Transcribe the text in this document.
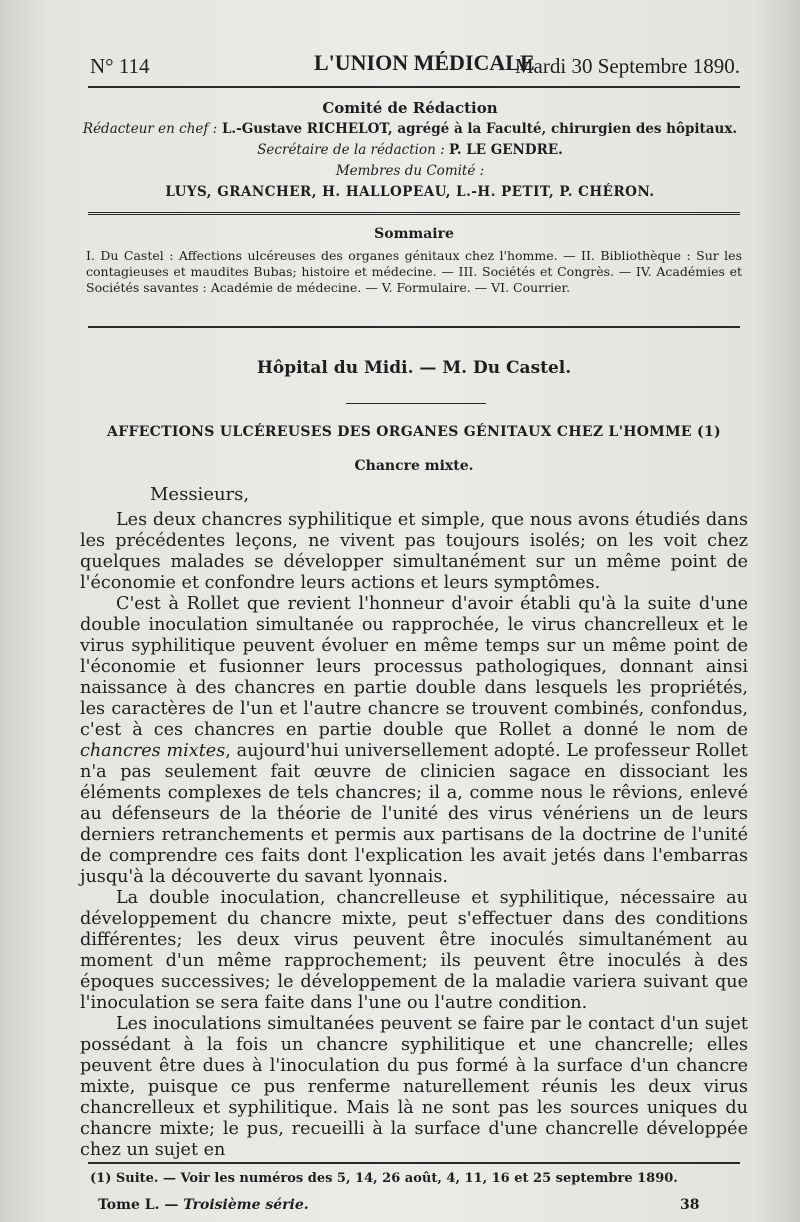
N° 114	L'UNION MÉDICALE
Mardi 30 Septembre 1890.
Comité de Rédaction
Rédacteur en chef : L.-Gustave RICHELOT, agrégé à la Faculté, chirurgien des hôpitaux.
Secrétaire de la rédaction : P. LE GENDRE.
Membres du Comité :
LUYS, GRANCHER, H. HALLOPEAU, L.-H. PETIT, P. CHÉRON.
Sommaire
I. Du Castel : Affections ulcéreuses des organes génitaux chez l'homme. — II. Bibliothèque : Sur les contagieuses et maudites Bubas; histoire et médecine. — III. Sociétés et Congrès. — IV. Académies et Sociétés savantes : Académie de médecine. — V. Formulaire. — VI. Courrier.
Hôpital du Midi. — M. Du Castel.
AFFECTIONS ULCÉREUSES DES ORGANES GÉNITAUX CHEZ L'HOMME (1)
Chancre mixte.
Messieurs,

Les deux chancres syphilitique et simple, que nous avons étudiés dans les précédentes leçons, ne vivent pas toujours isolés; on les voit chez quelques malades se développer simultanément sur un même point de l'économie et confondre leurs actions et leurs symptômes.

C'est à Rollet que revient l'honneur d'avoir établi qu'à la suite d'une double inoculation simultanée ou rapprochée, le virus chancrelleux et le virus syphilitique peuvent évoluer en même temps sur un même point de l'économie et fusionner leurs processus pathologiques, donnant ainsi naissance à des chancres en partie double dans lesquels les propriétés, les caractères de l'un et l'autre chancre se trouvent combinés, confondus, c'est à ces chancres en partie double que Rollet a donné le nom de chancres mixtes, aujourd'hui universellement adopté. Le professeur Rollet n'a pas seulement fait œuvre de clinicien sagace en dissociant les éléments complexes de tels chancres; il a, comme nous le rêvions, enlevé au défenseurs de la théorie de l'unité des virus vénériens un de leurs derniers retranchements et permis aux partisans de la doctrine de l'unité de comprendre ces faits dont l'explication les avait jetés dans l'embarras jusqu'à la découverte du savant lyonnais.

La double inoculation, chancrelleuse et syphilitique, nécessaire au développement du chancre mixte, peut s'effectuer dans des conditions différentes; les deux virus peuvent être inoculés simultanément au moment d'un même rapprochement; ils peuvent être inoculés à des époques successives; le développement de la maladie variera suivant que l'inoculation se sera faite dans l'une ou l'autre condition.

Les inoculations simultanées peuvent se faire par le contact d'un sujet possédant à la fois un chancre syphilitique et une chancrelle; elles peuvent être dues à l'inoculation du pus formé à la surface d'un chancre mixte, puisque ce pus renferme naturellement réunis les deux virus chancrelleux et syphilitique. Mais là ne sont pas les sources uniques du chancre mixte; le pus, recueilli à la surface d'une chancrelle développée chez un sujet en

(1) Suite. — Voir les numéros des 5, 14, 26 août, 4, 11, 16 et 25 septembre 1890.
Tome L. — Troisième série.	38
